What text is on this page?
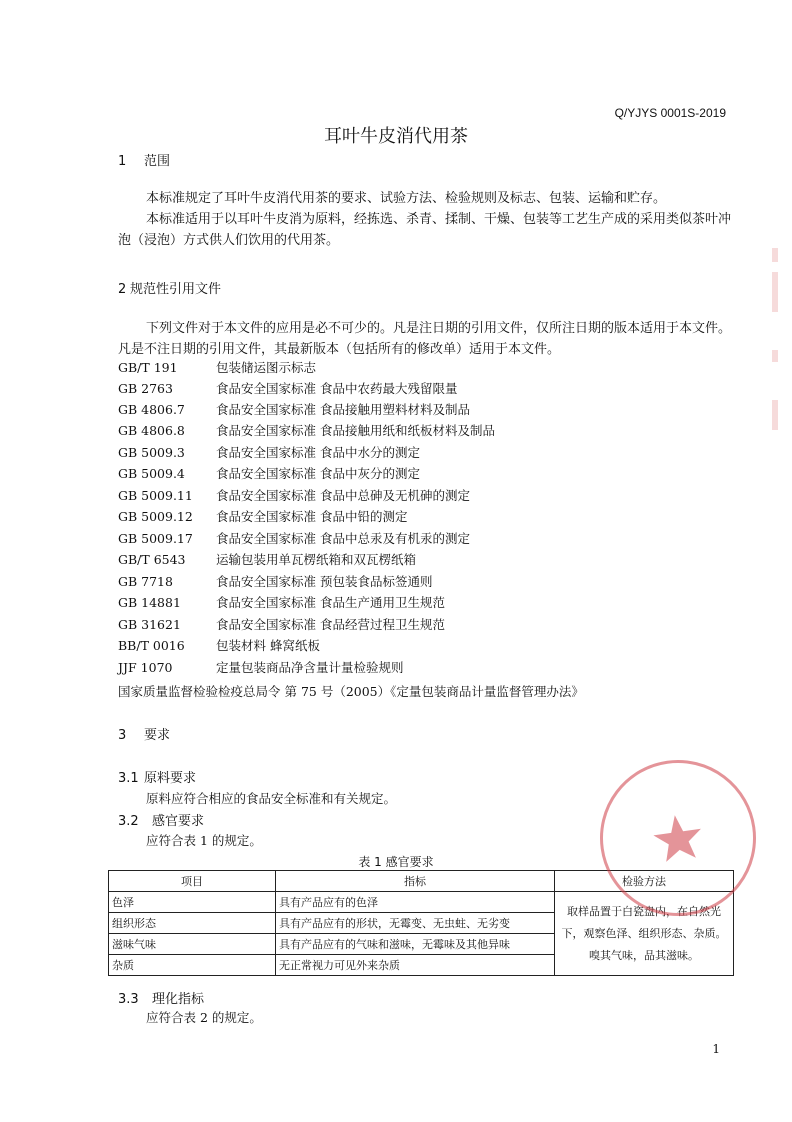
Q/YJYS 0001S-2019
耳叶牛皮消代用茶
1 范围
本标准规定了耳叶牛皮消代用茶的要求、试验方法、检验规则及标志、包装、运输和贮存。
本标准适用于以耳叶牛皮消为原料，经拣选、杀青、揉制、干燥、包装等工艺生产成的采用类似茶叶冲泡（浸泡）方式供人们饮用的代用茶。
2 规范性引用文件
下列文件对于本文件的应用是必不可少的。凡是注日期的引用文件，仅所注日期的版本适用于本文件。凡是不注日期的引用文件，其最新版本（包括所有的修改单）适用于本文件。
GB/T 191	包装储运图示标志
GB 2763	食品安全国家标准 食品中农药最大残留限量
GB 4806.7 食品安全国家标准 食品接触用塑料材料及制品
GB 4806.8 食品安全国家标准 食品接触用纸和纸板材料及制品
GB 5009.3 食品安全国家标准 食品中水分的测定
GB 5009.4 食品安全国家标准 食品中灰分的测定
GB 5009.11 食品安全国家标准 食品中总砷及无机砷的测定
GB 5009.12 食品安全国家标准 食品中铅的测定
GB 5009.17 食品安全国家标准 食品中总汞及有机汞的测定
GB/T 6543 运输包装用单瓦楞纸箱和双瓦楞纸箱
GB 7718	食品安全国家标准 预包装食品标签通则
GB 14881	食品安全国家标准 食品生产通用卫生规范
GB 31621	食品安全国家标准 食品经营过程卫生规范
BB/T 0016	包装材料 蜂窝纸板
JJF 1070	定量包装商品净含量计量检验规则
国家质量监督检验检疫总局令 第 75 号（2005）《定量包装商品计量监督管理办法》
3 要求
3.1 原料要求
原料应符合相应的食品安全标准和有关规定。
3.2 感官要求
应符合表 1 的规定。
表 1 感官要求
项目	指标	检验方法
色泽	具有产品应有的色泽	取样品置于白瓷盘内，在自然光下，观察色泽、组织形态、杂质。嗅其气味，品其滋味。
组织形态	具有产品应有的形状，无霉变、无虫蛀、无劣变	
滋味气味	具有产品应有的气味和滋味，无霉味及其他异味	
杂质	无正常视力可见外来杂质	
3.3 理化指标
应符合表 2 的规定。
1
